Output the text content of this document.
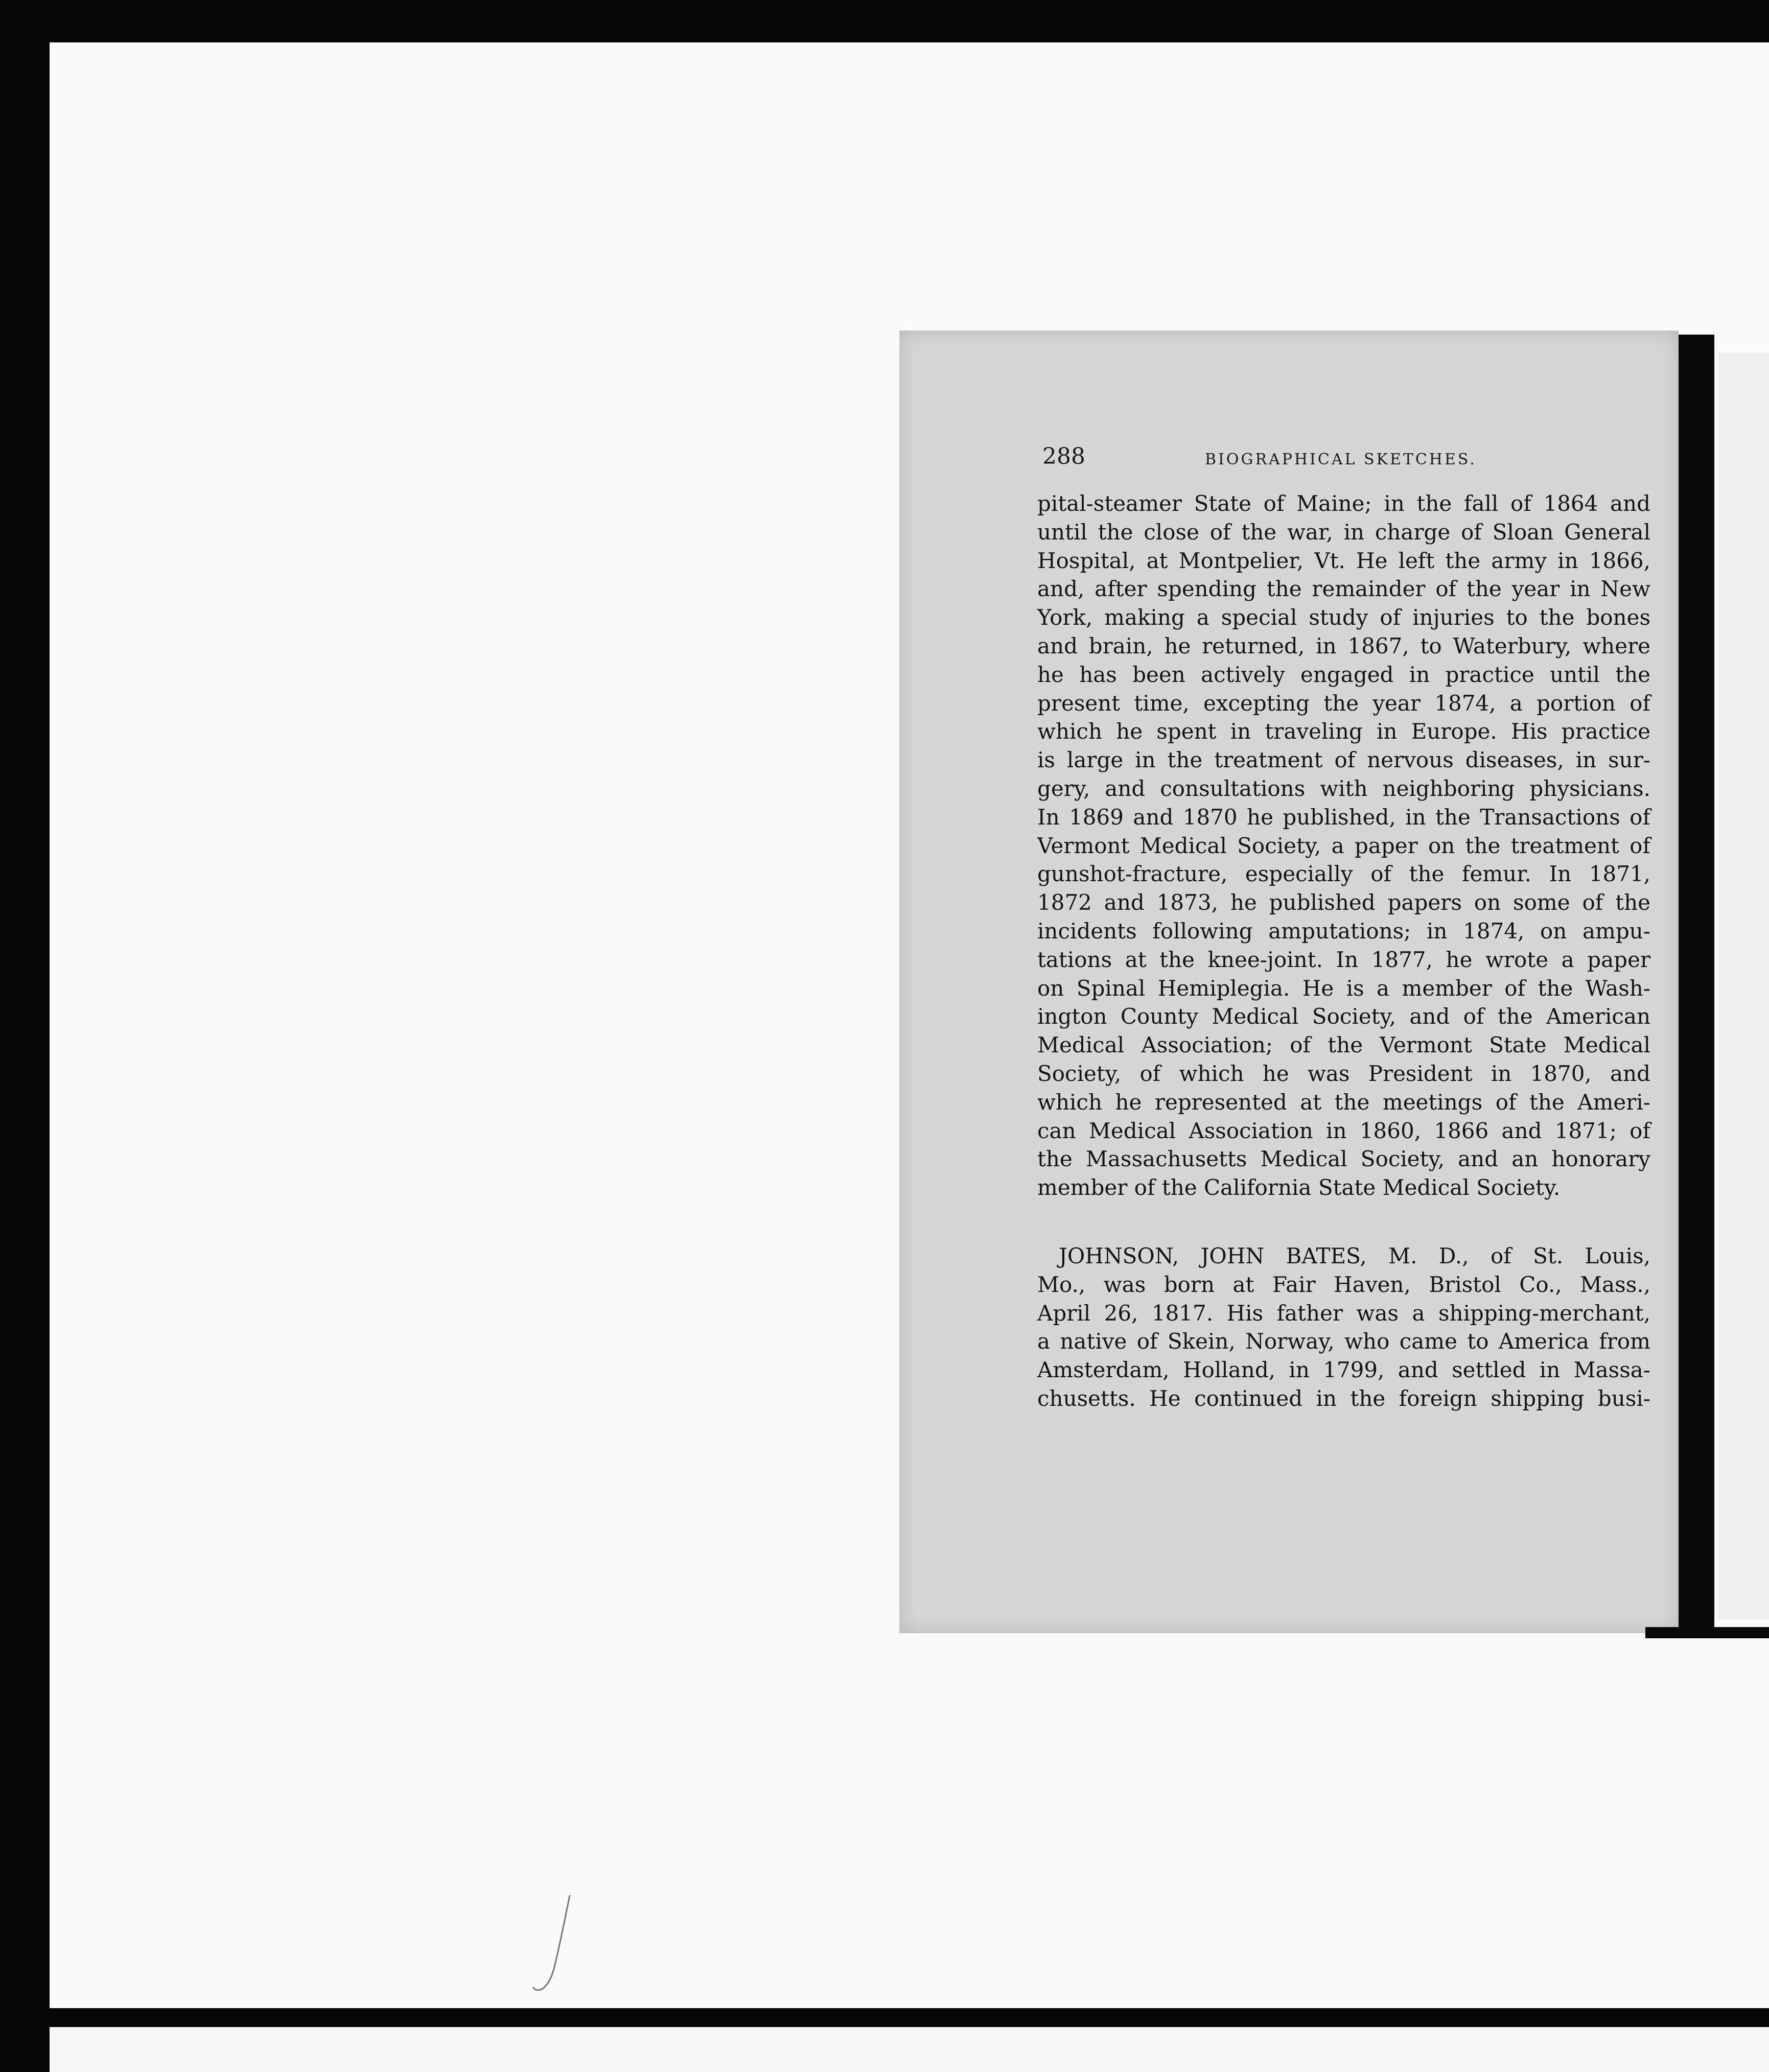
288	BIOGRAPHICAL SKETCHES.
pital-steamer State of Maine; in the fall of 1864 and
until the close of the war, in charge of Sloan General
Hospital, at Montpelier, Vt. He left the army in 1866,
and, after spending the remainder of the year in New
York, making a special study of injuries to the bones
and brain, he returned, in 1867, to Waterbury, where
he has been actively engaged in practice until the
present time, excepting the year 1874, a portion of
which he spent in traveling in Europe. His practice
is large in the treatment of nervous diseases, in sur-
gery, and consultations with neighboring physicians.
In 1869 and 1870 he published, in the Transactions of
Vermont Medical Society, a paper on the treatment of
gunshot-fracture, especially of the femur. In 1871,
1872 and 1873, he published papers on some of the
incidents following amputations; in 1874, on ampu-
tations at the knee-joint. In 1877, he wrote a paper
on Spinal Hemiplegia. He is a member of the Wash-
ington County Medical Society, and of the American
Medical Association; of the Vermont State Medical
Society, of which he was President in 1870, and
which he represented at the meetings of the Ameri-
can Medical Association in 1860, 1866 and 1871; of
the Massachusetts Medical Society, and an honorary
member of the California State Medical Society.
JOHNSON, JOHN BATES, M. D., of St. Louis,
Mo., was born at Fair Haven, Bristol Co., Mass.,
April 26, 1817. His father was a shipping-merchant,
a native of Skein, Norway, who came to America from
Amsterdam, Holland, in 1799, and settled in Massa-
chusetts. He continued in the foreign shipping busi-
